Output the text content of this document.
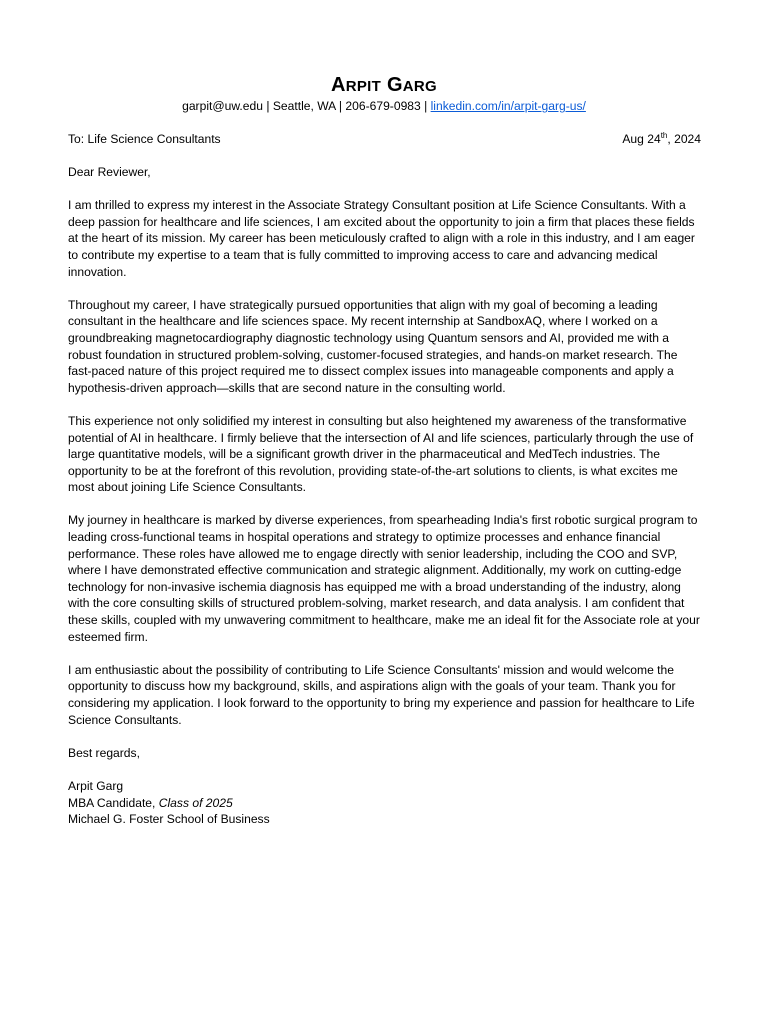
ARPIT GARG
garpit@uw.edu | Seattle, WA | 206-679-0983 | linkedin.com/in/arpit-garg-us/
To: Life Science Consultants	Aug 24th, 2024

Dear Reviewer,

I am thrilled to express my interest in the Associate Strategy Consultant position at Life Science Consultants. With a deep passion for healthcare and life sciences, I am excited about the opportunity to join a firm that places these fields at the heart of its mission. My career has been meticulously crafted to align with a role in this industry, and I am eager to contribute my expertise to a team that is fully committed to improving access to care and advancing medical innovation.

Throughout my career, I have strategically pursued opportunities that align with my goal of becoming a leading consultant in the healthcare and life sciences space. My recent internship at SandboxAQ, where I worked on a groundbreaking magnetocardiography diagnostic technology using Quantum sensors and AI, provided me with a robust foundation in structured problem-solving, customer-focused strategies, and hands-on market research. The fast-paced nature of this project required me to dissect complex issues into manageable components and apply a hypothesis-driven approach—skills that are second nature in the consulting world.

This experience not only solidified my interest in consulting but also heightened my awareness of the transformative potential of AI in healthcare. I firmly believe that the intersection of AI and life sciences, particularly through the use of large quantitative models, will be a significant growth driver in the pharmaceutical and MedTech industries. The opportunity to be at the forefront of this revolution, providing state-of-the-art solutions to clients, is what excites me most about joining Life Science Consultants.

My journey in healthcare is marked by diverse experiences, from spearheading India's first robotic surgical program to leading cross-functional teams in hospital operations and strategy to optimize processes and enhance financial performance. These roles have allowed me to engage directly with senior leadership, including the COO and SVP, where I have demonstrated effective communication and strategic alignment. Additionally, my work on cutting-edge technology for non-invasive ischemia diagnosis has equipped me with a broad understanding of the industry, along with the core consulting skills of structured problem-solving, market research, and data analysis. I am confident that these skills, coupled with my unwavering commitment to healthcare, make me an ideal fit for the Associate role at your esteemed firm.

I am enthusiastic about the possibility of contributing to Life Science Consultants' mission and would welcome the opportunity to discuss how my background, skills, and aspirations align with the goals of your team. Thank you for considering my application. I look forward to the opportunity to bring my experience and passion for healthcare to Life Science Consultants.

Best regards,

Arpit Garg

MBA Candidate, Class of 2025

Michael G. Foster School of Business
